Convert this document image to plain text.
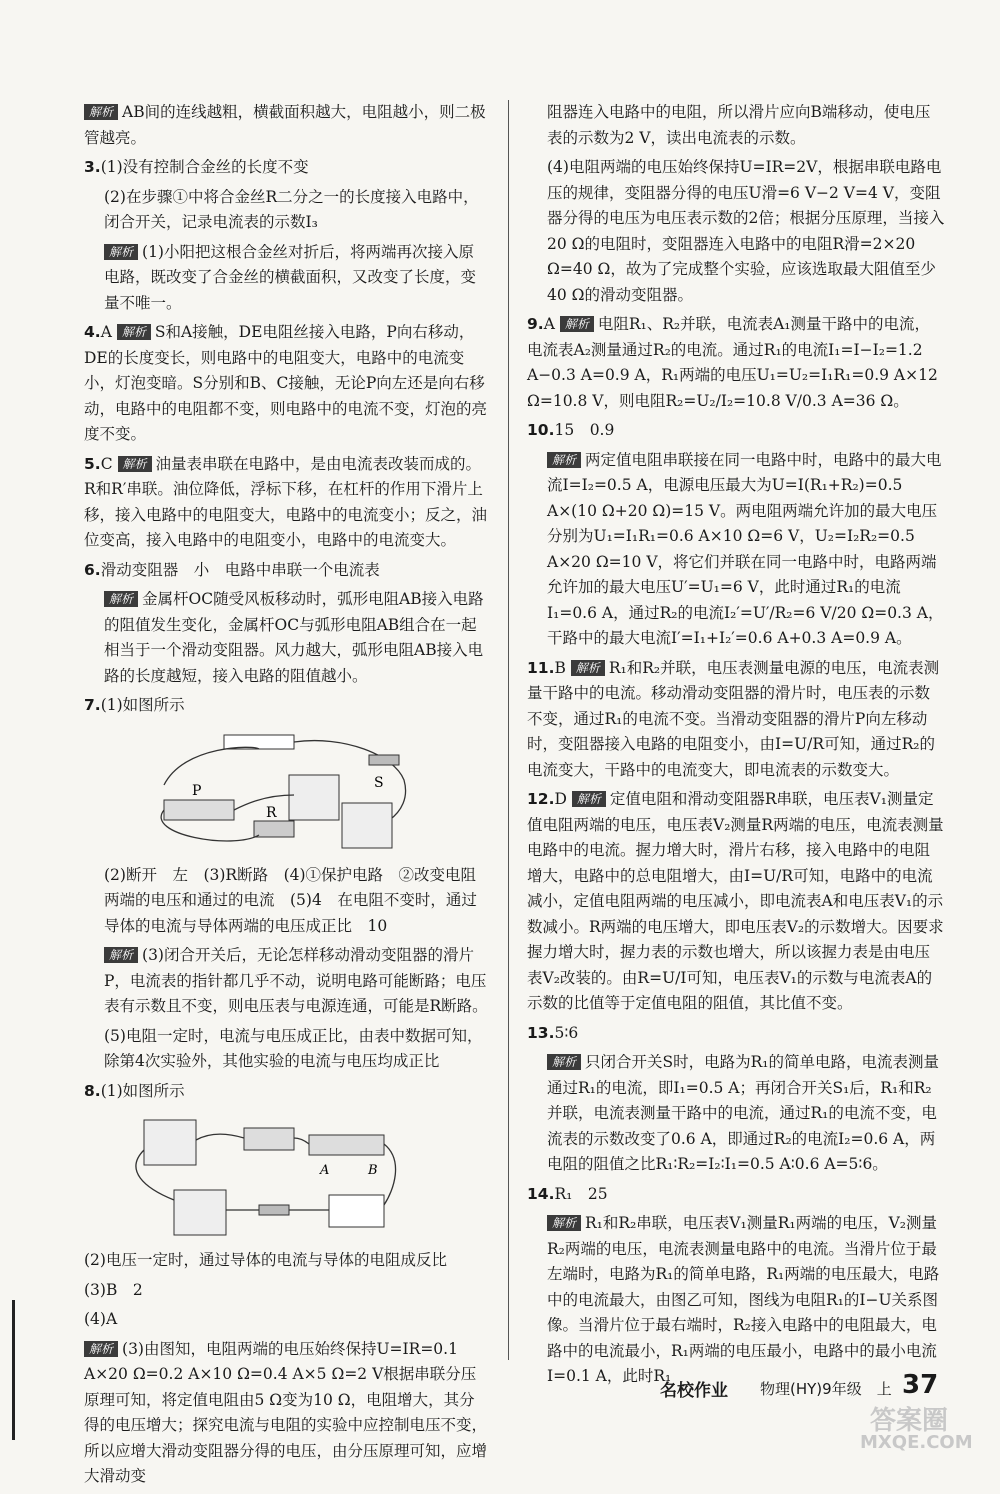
解析 AB间的连线越粗，横截面积越大，电阻越小，则二极管越亮。

3.(1)没有控制合金丝的长度不变

(2)在步骤①中将合金丝R二分之一的长度接入电路中，闭合开关，记录电流表的示数I₃

解析 (1)小阳把这根合金丝对折后，将两端再次接入原电路，既改变了合金丝的横截面积，又改变了长度，变量不唯一。

4.A 解析 S和A接触，DE电阻丝接入电路，P向右移动，DE的长度变长，则电路中的电阻变大，电路中的电流变小，灯泡变暗。S分别和B、C接触，无论P向左还是向右移动，电路中的电阻都不变，则电路中的电流不变，灯泡的亮度不变。

5.C 解析 油量表串联在电路中，是由电流表改装而成的。R和R′串联。油位降低，浮标下移，在杠杆的作用下滑片上移，接入电路中的电阻变大，电路中的电流变小；反之，油位变高，接入电路中的电阻变小，电路中的电流变大。

6.滑动变阻器　小　电路中串联一个电流表

解析 金属杆OC随受风板移动时，弧形电阻AB接入电路的阻值发生变化，金属杆OC与弧形电阻AB组合在一起相当于一个滑动变阻器。风力越大，弧形电阻AB接入电路的长度越短，接入电路的阻值越小。

7.(1)如图所示

P
R
S

(2)断开　左　(3)R断路　(4)①保护电路　②改变电阻两端的电压和通过的电流　(5)4　在电阻不变时，通过导体的电流与导体两端的电压成正比　10

解析 (3)闭合开关后，无论怎样移动滑动变阻器的滑片P，电流表的指针都几乎不动，说明电路可能断路；电压表有示数且不变，则电压表与电源连通，可能是R断路。

(5)电阻一定时，电流与电压成正比，由表中数据可知，除第4次实验外，其他实验的电流与电压均成正比

8.(1)如图所示

A	B

(2)电压一定时，通过导体的电流与导体的电阻成反比

(3)B　2

(4)A

解析 (3)由图知，电阻两端的电压始终保持U=IR=0.1 A×20 Ω=0.2 A×10 Ω=0.4 A×5 Ω=2 V根据串联分压原理可知，将定值电阻由5 Ω变为10 Ω，电阻增大，其分得的电压增大；探究电流与电阻的实验中应控制电压不变，所以应增大滑动变阻器分得的电压，由分压原理可知，应增大滑动变

阻器连入电路中的电阻，所以滑片应向B端移动，使电压表的示数为2 V，读出电流表的示数。

(4)电阻两端的电压始终保持U=IR=2V，根据串联电路电压的规律，变阻器分得的电压U滑=6 V−2 V=4 V，变阻器分得的电压为电压表示数的2倍；根据分压原理，当接入20 Ω的电阻时，变阻器连入电路中的电阻R滑=2×20 Ω=40 Ω，故为了完成整个实验，应该选取最大阻值至少40 Ω的滑动变阻器。

9.A 解析 电阻R₁、R₂并联，电流表A₁测量干路中的电流，电流表A₂测量通过R₂的电流。通过R₁的电流I₁=I−I₂=1.2 A−0.3 A=0.9 A，R₁两端的电压U₁=U₂=I₁R₁=0.9 A×12 Ω=10.8 V，则电阻R₂=U₂/I₂=10.8 V/0.3 A=36 Ω。

10.15　0.9

解析 两定值电阻串联接在同一电路中时，电路中的最大电流I=I₂=0.5 A，电源电压最大为U=I(R₁+R₂)=0.5 A×(10 Ω+20 Ω)=15 V。两电阻两端允许加的最大电压分别为U₁=I₁R₁=0.6 A×10 Ω=6 V，U₂=I₂R₂=0.5 A×20 Ω=10 V，将它们并联在同一电路中时，电路两端允许加的最大电压U′=U₁=6 V，此时通过R₁的电流I₁=0.6 A，通过R₂的电流I₂′=U′/R₂=6 V/20 Ω=0.3 A，干路中的最大电流I′=I₁+I₂′=0.6 A+0.3 A=0.9 A。

11.B 解析 R₁和R₂并联，电压表测量电源的电压，电流表测量干路中的电流。移动滑动变阻器的滑片时，电压表的示数不变，通过R₁的电流不变。当滑动变阻器的滑片P向左移动时，变阻器接入电路的电阻变小，由I=U/R可知，通过R₂的电流变大，干路中的电流变大，即电流表的示数变大。

12.D 解析 定值电阻和滑动变阻器R串联，电压表V₁测量定值电阻两端的电压，电压表V₂测量R两端的电压，电流表测量电路中的电流。握力增大时，滑片右移，接入电路中的电阻增大，电路中的总电阻增大，由I=U/R可知，电路中的电流减小，定值电阻两端的电压减小，即电流表A和电压表V₁的示数减小。R两端的电压增大，即电压表V₂的示数增大。因要求握力增大时，握力表的示数也增大，所以该握力表是由电压表V₂改装的。由R=U/I可知，电压表V₁的示数与电流表A的示数的比值等于定值电阻的阻值，其比值不变。

13.5∶6

解析 只闭合开关S时，电路为R₁的简单电路，电流表测量通过R₁的电流，即I₁=0.5 A；再闭合开关S₁后，R₁和R₂并联，电流表测量干路中的电流，通过R₁的电流不变，电流表的示数改变了0.6 A，即通过R₂的电流I₂=0.6 A，两电阻的阻值之比R₁∶R₂=I₂∶I₁=0.5 A∶0.6 A=5∶6。

14.R₁　25

解析 R₁和R₂串联，电压表V₁测量R₁两端的电压，V₂测量R₂两端的电压，电流表测量电路中的电流。当滑片位于最左端时，电路为R₁的简单电路，R₁两端的电压最大，电路中的电流最大，由图乙可知，图线为电阻R₁的I−U关系图像。当滑片位于最右端时，R₂接入电路中的电阻最大，电路中的电流最小，R₁两端的电压最小，电路中的最小电流I=0.1 A，此时R₁

名校作业 物理(HY)9年级　上 37
答案圈
MXQE.COM
